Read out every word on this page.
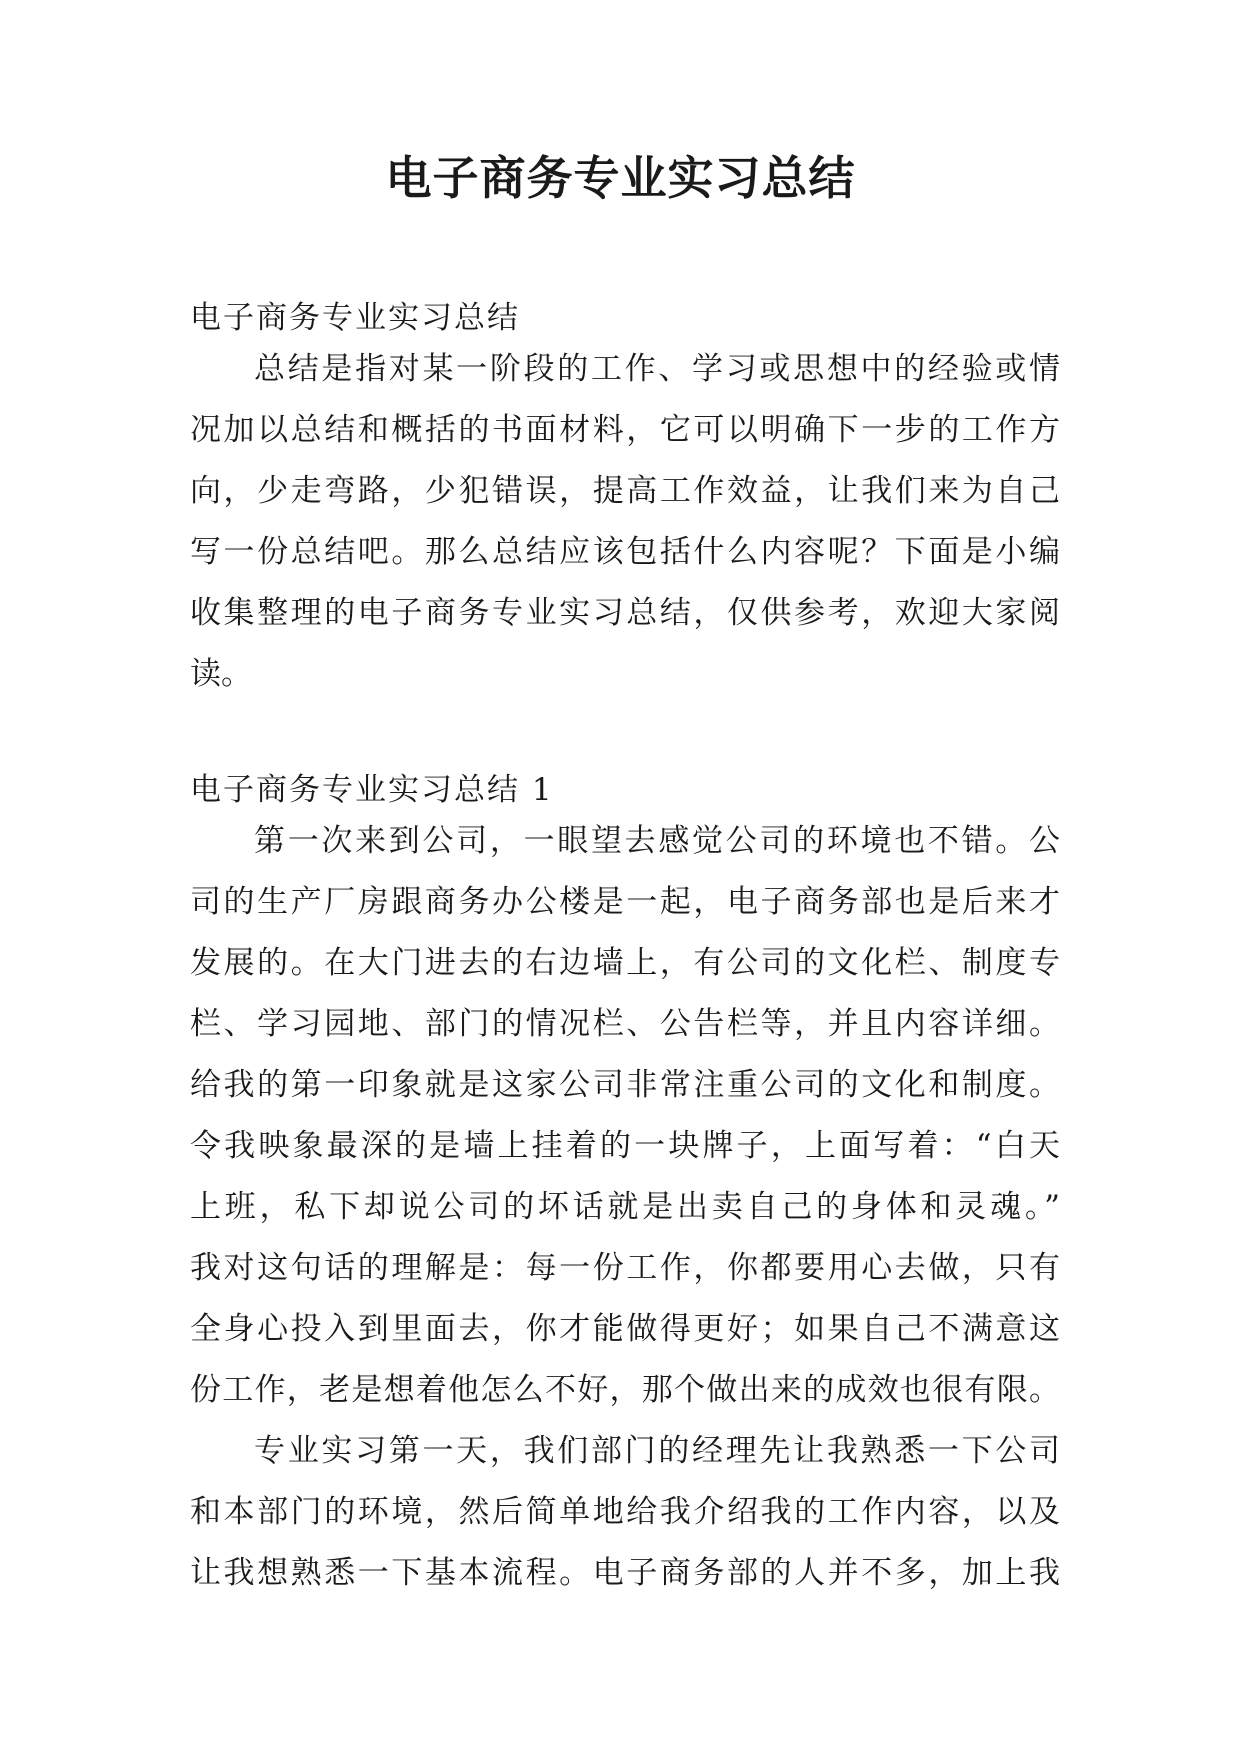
电子商务专业实习总结
电子商务专业实习总结
总结是指对某一阶段的工作、学习或思想中的经验或情
况加以总结和概括的书面材料，它可以明确下一步的工作方
向，少走弯路，少犯错误，提高工作效益，让我们来为自己
写一份总结吧。那么总结应该包括什么内容呢？下面是小编
收集整理的电子商务专业实习总结，仅供参考，欢迎大家阅
读。
电子商务专业实习总结 1
第一次来到公司，一眼望去感觉公司的环境也不错。公
司的生产厂房跟商务办公楼是一起，电子商务部也是后来才
发展的。在大门进去的右边墙上，有公司的文化栏、制度专
栏、学习园地、部门的情况栏、公告栏等，并且内容详细。
给我的第一印象就是这家公司非常注重公司的文化和制度。
令我映象最深的是墙上挂着的一块牌子，上面写着：“白天
上班，私下却说公司的坏话就是出卖自己的身体和灵魂。”
我对这句话的理解是：每一份工作，你都要用心去做，只有
全身心投入到里面去，你才能做得更好；如果自己不满意这
份工作，老是想着他怎么不好，那个做出来的成效也很有限。
专业实习第一天，我们部门的经理先让我熟悉一下公司
和本部门的环境，然后简单地给我介绍我的工作内容，以及
让我想熟悉一下基本流程。电子商务部的人并不多，加上我
